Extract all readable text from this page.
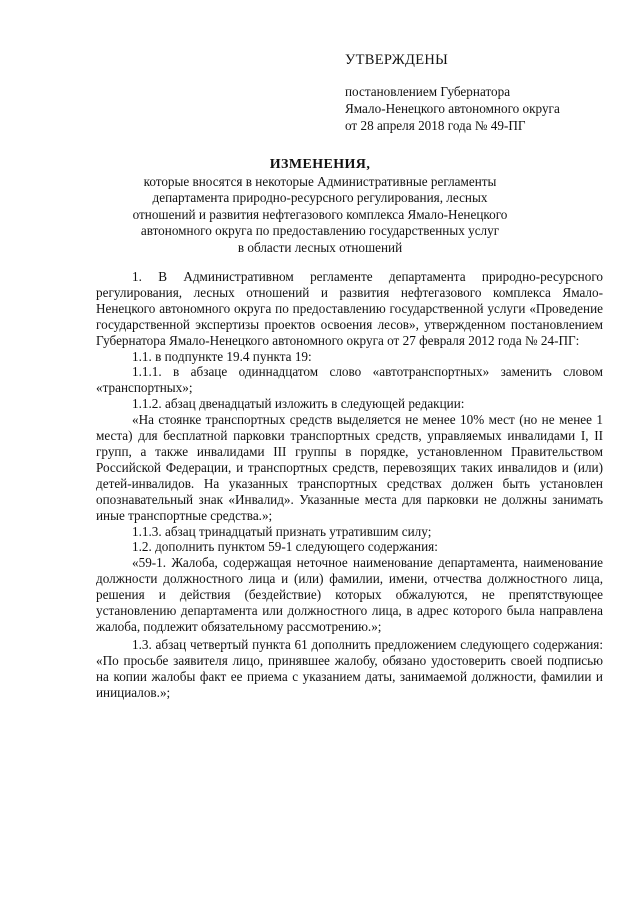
УТВЕРЖДЕНЫ
постановлением Губернатора
Ямало-Ненецкого автономного округа
от 28 апреля 2018 года № 49-ПГ
ИЗМЕНЕНИЯ,
которые вносятся в некоторые Административные регламенты
департамента природно-ресурсного регулирования, лесных
отношений и развития нефтегазового комплекса Ямало-Ненецкого
автономного округа по предоставлению государственных услуг
в области лесных отношений

1. В Административном регламенте департамента природно-ресурсного регулирования, лесных отношений и развития нефтегазового комплекса Ямало-Ненецкого автономного округа по предоставлению государственной услуги «Проведение государственной экспертизы проектов освоения лесов», утвержденном постановлением Губернатора Ямало-Ненецкого автономного округа от 27 февраля 2012 года № 24-ПГ:

1.1. в подпункте 19.4 пункта 19:

1.1.1. в абзаце одиннадцатом слово «автотранспортных» заменить словом «транспортных»;

1.1.2. абзац двенадцатый изложить в следующей редакции:

«На стоянке транспортных средств выделяется не менее 10% мест (но не менее 1 места) для бесплатной парковки транспортных средств, управляемых инвалидами I, II групп, а также инвалидами III группы в порядке, установленном Правительством Российской Федерации, и транспортных средств, перевозящих таких инвалидов и (или) детей-инвалидов. На указанных транспортных средствах должен быть установлен опознавательный знак «Инвалид». Указанные места для парковки не должны занимать иные транспортные средства.»;

1.1.3. абзац тринадцатый признать утратившим силу;

1.2. дополнить пунктом 59-1 следующего содержания:

«59-1. Жалоба, содержащая неточное наименование департамента, наименование должности должностного лица и (или) фамилии, имени, отчества должностного лица, решения и действия (бездействие) которых обжалуются, не препятствующее установлению департамента или должностного лица, в адрес которого была направлена жалоба, подлежит обязательному рассмотрению.»;

1.3. абзац четвертый пункта 61 дополнить предложением следующего содержания: «По просьбе заявителя лицо, принявшее жалобу, обязано удостоверить своей подписью на копии жалобы факт ее приема с указанием даты, занимаемой должности, фамилии и инициалов.»;
